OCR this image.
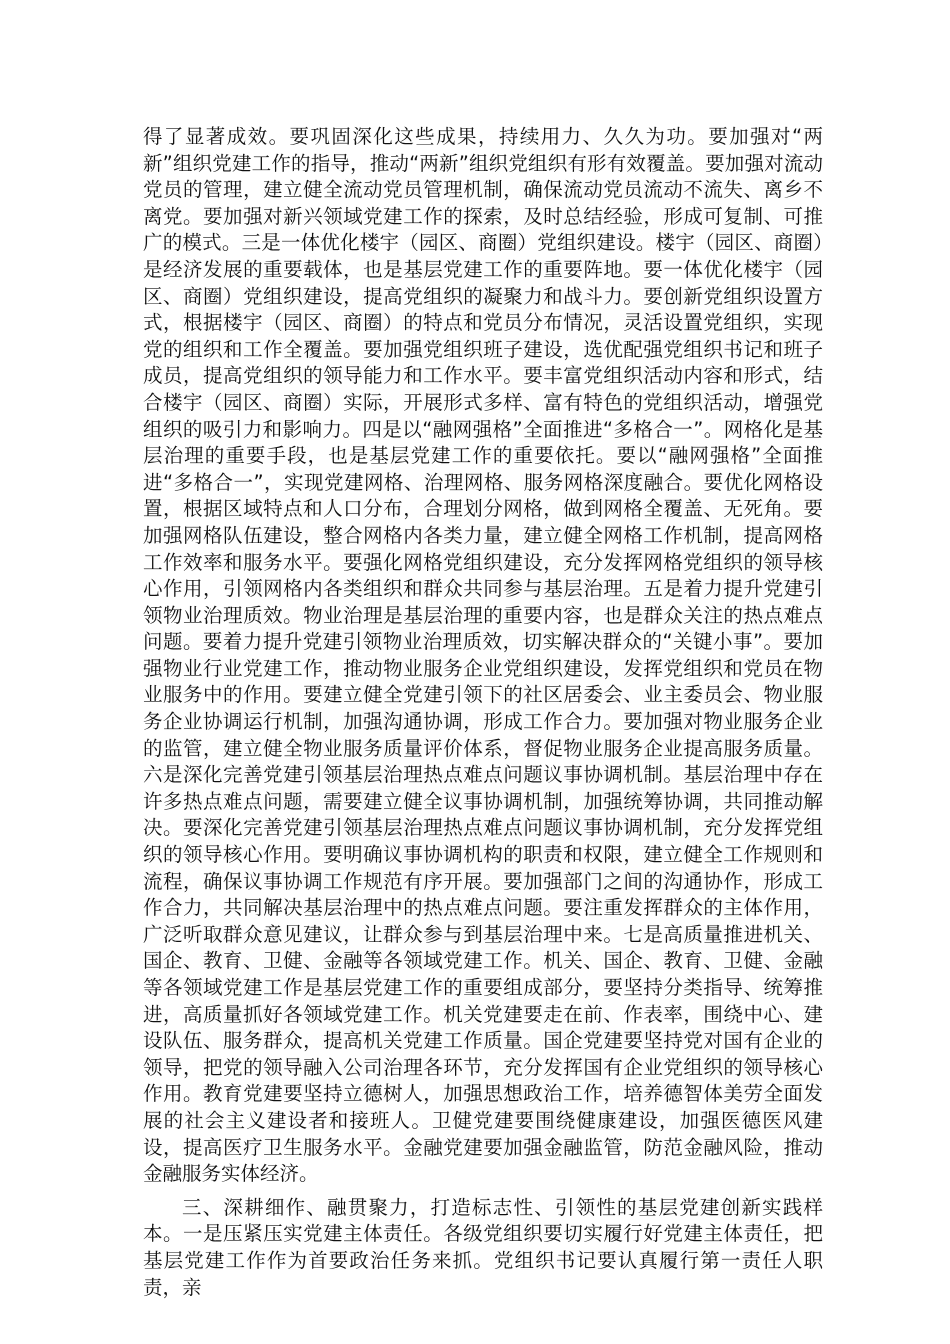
得了显著成效。要巩固深化这些成果，持续用力、久久为功。要加强对“两新”组织党建工作的指导，推动“两新”组织党组织有形有效覆盖。要加强对流动党员的管理，建立健全流动党员管理机制，确保流动党员流动不流失、离乡不离党。要加强对新兴领域党建工作的探索，及时总结经验，形成可复制、可推广的模式。三是一体优化楼宇（园区、商圈）党组织建设。楼宇（园区、商圈）是经济发展的重要载体，也是基层党建工作的重要阵地。要一体优化楼宇（园区、商圈）党组织建设，提高党组织的凝聚力和战斗力。要创新党组织设置方式，根据楼宇（园区、商圈）的特点和党员分布情况，灵活设置党组织，实现党的组织和工作全覆盖。要加强党组织班子建设，选优配强党组织书记和班子成员，提高党组织的领导能力和工作水平。要丰富党组织活动内容和形式，结合楼宇（园区、商圈）实际，开展形式多样、富有特色的党组织活动，增强党组织的吸引力和影响力。四是以“融网强格”全面推进“多格合一”。网格化是基层治理的重要手段，也是基层党建工作的重要依托。要以“融网强格”全面推进“多格合一”，实现党建网格、治理网格、服务网格深度融合。要优化网格设置，根据区域特点和人口分布，合理划分网格，做到网格全覆盖、无死角。要加强网格队伍建设，整合网格内各类力量，建立健全网格工作机制，提高网格工作效率和服务水平。要强化网格党组织建设，充分发挥网格党组织的领导核心作用，引领网格内各类组织和群众共同参与基层治理。五是着力提升党建引领物业治理质效。物业治理是基层治理的重要内容，也是群众关注的热点难点问题。要着力提升党建引领物业治理质效，切实解决群众的“关键小事”。要加强物业行业党建工作，推动物业服务企业党组织建设，发挥党组织和党员在物业服务中的作用。要建立健全党建引领下的社区居委会、业主委员会、物业服务企业协调运行机制，加强沟通协调，形成工作合力。要加强对物业服务企业的监管，建立健全物业服务质量评价体系，督促物业服务企业提高服务质量。六是深化完善党建引领基层治理热点难点问题议事协调机制。基层治理中存在许多热点难点问题，需要建立健全议事协调机制，加强统筹协调，共同推动解决。要深化完善党建引领基层治理热点难点问题议事协调机制，充分发挥党组织的领导核心作用。要明确议事协调机构的职责和权限，建立健全工作规则和流程，确保议事协调工作规范有序开展。要加强部门之间的沟通协作，形成工作合力，共同解决基层治理中的热点难点问题。要注重发挥群众的主体作用，广泛听取群众意见建议，让群众参与到基层治理中来。七是高质量推进机关、国企、教育、卫健、金融等各领域党建工作。机关、国企、教育、卫健、金融等各领域党建工作是基层党建工作的重要组成部分，要坚持分类指导、统筹推进，高质量抓好各领域党建工作。机关党建要走在前、作表率，围绕中心、建设队伍、服务群众，提高机关党建工作质量。国企党建要坚持党对国有企业的领导，把党的领导融入公司治理各环节，充分发挥国有企业党组织的领导核心作用。教育党建要坚持立德树人，加强思想政治工作，培养德智体美劳全面发展的社会主义建设者和接班人。卫健党建要围绕健康建设，加强医德医风建设，提高医疗卫生服务水平。金融党建要加强金融监管，防范金融风险，推动金融服务实体经济。

三、深耕细作、融贯聚力，打造标志性、引领性的基层党建创新实践样本。一是压紧压实党建主体责任。各级党组织要切实履行好党建主体责任，把基层党建工作作为首要政治任务来抓。党组织书记要认真履行第一责任人职责，亲
